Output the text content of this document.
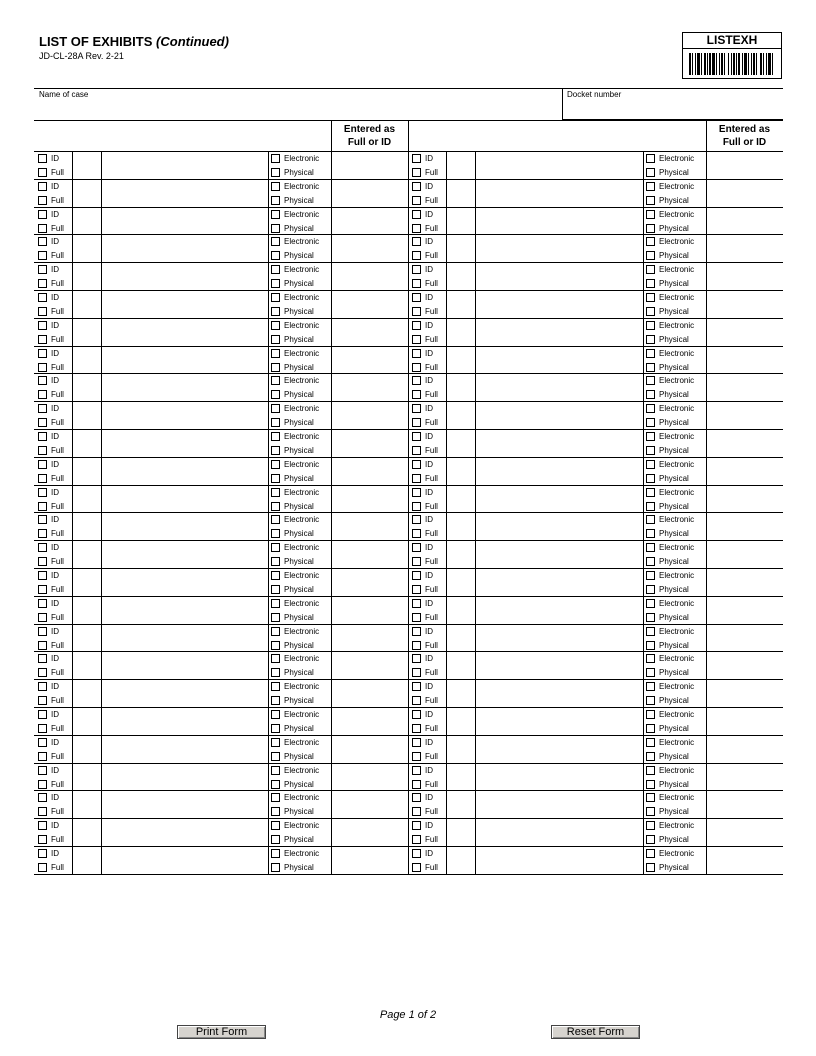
LIST OF EXHIBITS (Continued)
JD-CL-28A Rev. 2-21
LISTEXH
Name of case	Docket number
Entered as
Full or ID
ID
Full
Electronic
Physical
ID
Full
Electronic
Physical
ID
Full
Electronic
Physical
ID
Full
Electronic
Physical
ID
Full
Electronic
Physical
ID
Full
Electronic
Physical
ID
Full
Electronic
Physical
ID
Full
Electronic
Physical
ID
Full
Electronic
Physical
ID
Full
Electronic
Physical
ID
Full
Electronic
Physical
ID
Full
Electronic
Physical
ID
Full
Electronic
Physical
ID
Full
Electronic
Physical
ID
Full
Electronic
Physical
ID
Full
Electronic
Physical
ID
Full
Electronic
Physical
ID
Full
Electronic
Physical
ID
Full
Electronic
Physical
ID
Full
Electronic
Physical
ID
Full
Electronic
Physical
ID
Full
Electronic
Physical
ID
Full
Electronic
Physical
ID
Full
Electronic
Physical
ID
Full
Electronic
Physical
ID
Full
Electronic
Physical
Entered as
Full or ID
ID
Full
Electronic
Physical
ID
Full
Electronic
Physical
ID
Full
Electronic
Physical
ID
Full
Electronic
Physical
ID
Full
Electronic
Physical
ID
Full
Electronic
Physical
ID
Full
Electronic
Physical
ID
Full
Electronic
Physical
ID
Full
Electronic
Physical
ID
Full
Electronic
Physical
ID
Full
Electronic
Physical
ID
Full
Electronic
Physical
ID
Full
Electronic
Physical
ID
Full
Electronic
Physical
ID
Full
Electronic
Physical
ID
Full
Electronic
Physical
ID
Full
Electronic
Physical
ID
Full
Electronic
Physical
ID
Full
Electronic
Physical
ID
Full
Electronic
Physical
ID
Full
Electronic
Physical
ID
Full
Electronic
Physical
ID
Full
Electronic
Physical
ID
Full
Electronic
Physical
ID
Full
Electronic
Physical
ID
Full
Electronic
Physical
Page 1 of 2
Print Form	Reset Form
